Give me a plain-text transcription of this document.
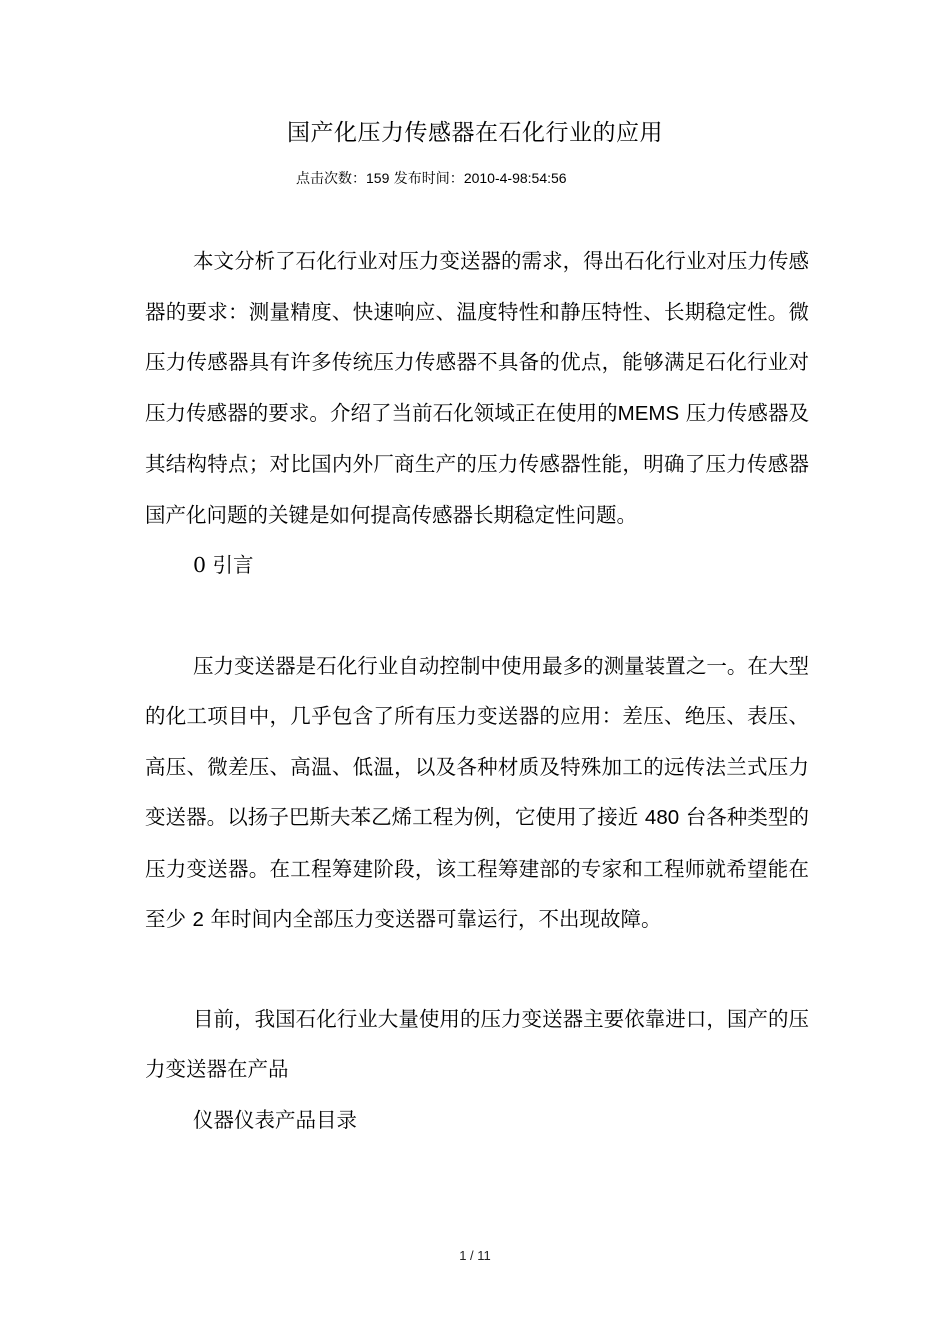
国产化压力传感器在石化行业的应用
点击次数：159 发布时间：2010-4-98:54:56

本文分析了石化行业对压力变送器的需求，得出石化行业对压力传感器的要求：测量精度、快速响应、温度特性和静压特性、长期稳定性。微压力传感器具有许多传统压力传感器不具备的优点，能够满足石化行业对压力传感器的要求。介绍了当前石化领域正在使用的MEMS 压力传感器及其结构特点；对比国内外厂商生产的压力传感器性能，明确了压力传感器国产化问题的关键是如何提高传感器长期稳定性问题。

0 引言

压力变送器是石化行业自动控制中使用最多的测量装置之一。在大型的化工项目中，几乎包含了所有压力变送器的应用：差压、绝压、表压、高压、微差压、高温、低温，以及各种材质及特殊加工的远传法兰式压力变送器。以扬子巴斯夫苯乙烯工程为例，它使用了接近 480 台各种类型的压力变送器。在工程筹建阶段，该工程筹建部的专家和工程师就希望能在至少 2 年时间内全部压力变送器可靠运行，不出现故障。

目前，我国石化行业大量使用的压力变送器主要依靠进口，国产的压力变送器在产品

仪器仪表产品目录

1 / 11
